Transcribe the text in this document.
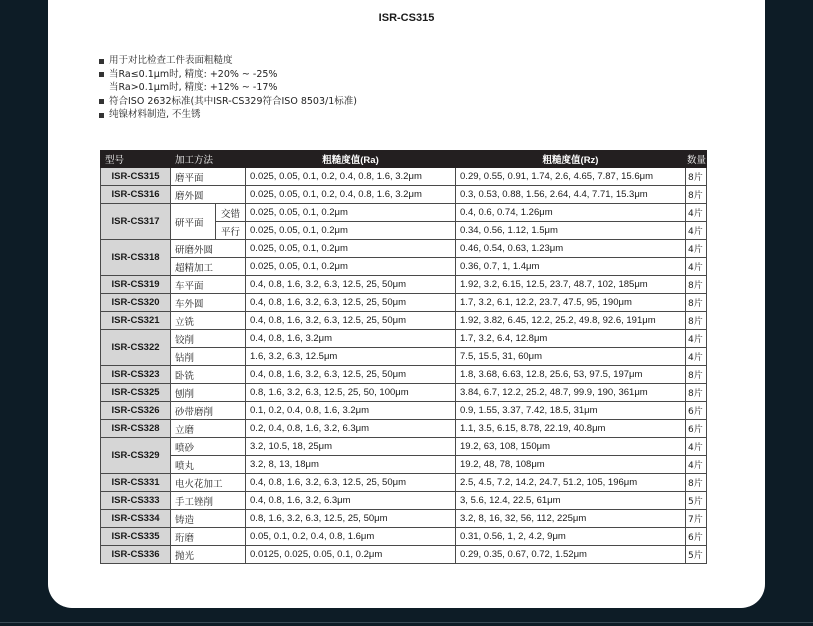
ISR-CS315
用于对比检查工件表面粗糙度
当Ra≤0.1μm时, 精度: +20% ~ -25%
当Ra>0.1μm时, 精度: +12% ~ -17%
符合ISO 2632标准(其中ISR-CS329符合ISO 8503/1标准)
纯镍材料制造, 不生锈
型号	加工方法		粗糙度值(Ra)	粗糙度值(Rz)	数量
ISR-CS315	磨平面		0.025, 0.05, 0.1, 0.2, 0.4, 0.8, 1.6, 3.2μm	0.29, 0.55, 0.91, 1.74, 2.6, 4.65, 7.87, 15.6μm	8片
ISR-CS316	磨外圆		0.025, 0.05, 0.1, 0.2, 0.4, 0.8, 1.6, 3.2μm	0.3, 0.53, 0.88, 1.56, 2.64, 4.4, 7.71, 15.3μm	8片
ISR-CS317	研平面	交错	0.025, 0.05, 0.1, 0.2μm	0.4, 0.6, 0.74, 1.26μm	4片
		平行	0.025, 0.05, 0.1, 0.2μm	0.34, 0.56, 1.12, 1.5μm	4片
ISR-CS318	研磨外圆		0.025, 0.05, 0.1, 0.2μm	0.46, 0.54, 0.63, 1.23μm	4片
	超精加工		0.025, 0.05, 0.1, 0.2μm	0.36, 0.7, 1, 1.4μm	4片
ISR-CS319	车平面		0.4, 0.8, 1.6, 3.2, 6.3, 12.5, 25, 50μm	1.92, 3.2, 6.15, 12.5, 23.7, 48.7, 102, 185μm	8片
ISR-CS320	车外圆		0.4, 0.8, 1.6, 3.2, 6.3, 12.5, 25, 50μm	1.7, 3.2, 6.1, 12.2, 23.7, 47.5, 95, 190μm	8片
ISR-CS321	立铣		0.4, 0.8, 1.6, 3.2, 6.3, 12.5, 25, 50μm	1.92, 3.82, 6.45, 12.2, 25.2, 49.8, 92.6, 191μm	8片
ISR-CS322	铰削		0.4, 0.8, 1.6, 3.2μm	1.7, 3.2, 6.4, 12.8μm	4片
	钻削		1.6, 3.2, 6.3, 12.5μm	7.5, 15.5, 31, 60μm	4片
ISR-CS323	卧铣		0.4, 0.8, 1.6, 3.2, 6.3, 12.5, 25, 50μm	1.8, 3.68, 6.63, 12.8, 25.6, 53, 97.5, 197μm	8片
ISR-CS325	刨削		0.8, 1.6, 3.2, 6.3, 12.5, 25, 50, 100μm	3.84, 6.7, 12.2, 25.2, 48.7, 99.9, 190, 361μm	8片
ISR-CS326	砂带磨削		0.1, 0.2, 0.4, 0.8, 1.6, 3.2μm	0.9, 1.55, 3.37, 7.42, 18.5, 31μm	6片
ISR-CS328	立磨		0.2, 0.4, 0.8, 1.6, 3.2, 6.3μm	1.1, 3.5, 6.15, 8.78, 22.19, 40.8μm	6片
ISR-CS329	喷砂		3.2, 10.5, 18, 25μm	19.2, 63, 108, 150μm	4片
	喷丸		3.2, 8, 13, 18μm	19.2, 48, 78, 108μm	4片
ISR-CS331	电火花加工		0.4, 0.8, 1.6, 3.2, 6.3, 12.5, 25, 50μm	2.5, 4.5, 7.2, 14.2, 24.7, 51.2, 105, 196μm	8片
ISR-CS333	手工锉削		0.4, 0.8, 1.6, 3.2, 6.3μm	3, 5.6, 12.4, 22.5, 61μm	5片
ISR-CS334	铸造		0.8, 1.6, 3.2, 6.3, 12.5, 25, 50μm	3.2, 8, 16, 32, 56, 112, 225μm	7片
ISR-CS335	珩磨		0.05, 0.1, 0.2, 0.4, 0.8, 1.6μm	0.31, 0.56, 1, 2, 4.2, 9μm	6片
ISR-CS336	抛光		0.0125, 0.025, 0.05, 0.1, 0.2μm	0.29, 0.35, 0.67, 0.72, 1.52μm	5片
